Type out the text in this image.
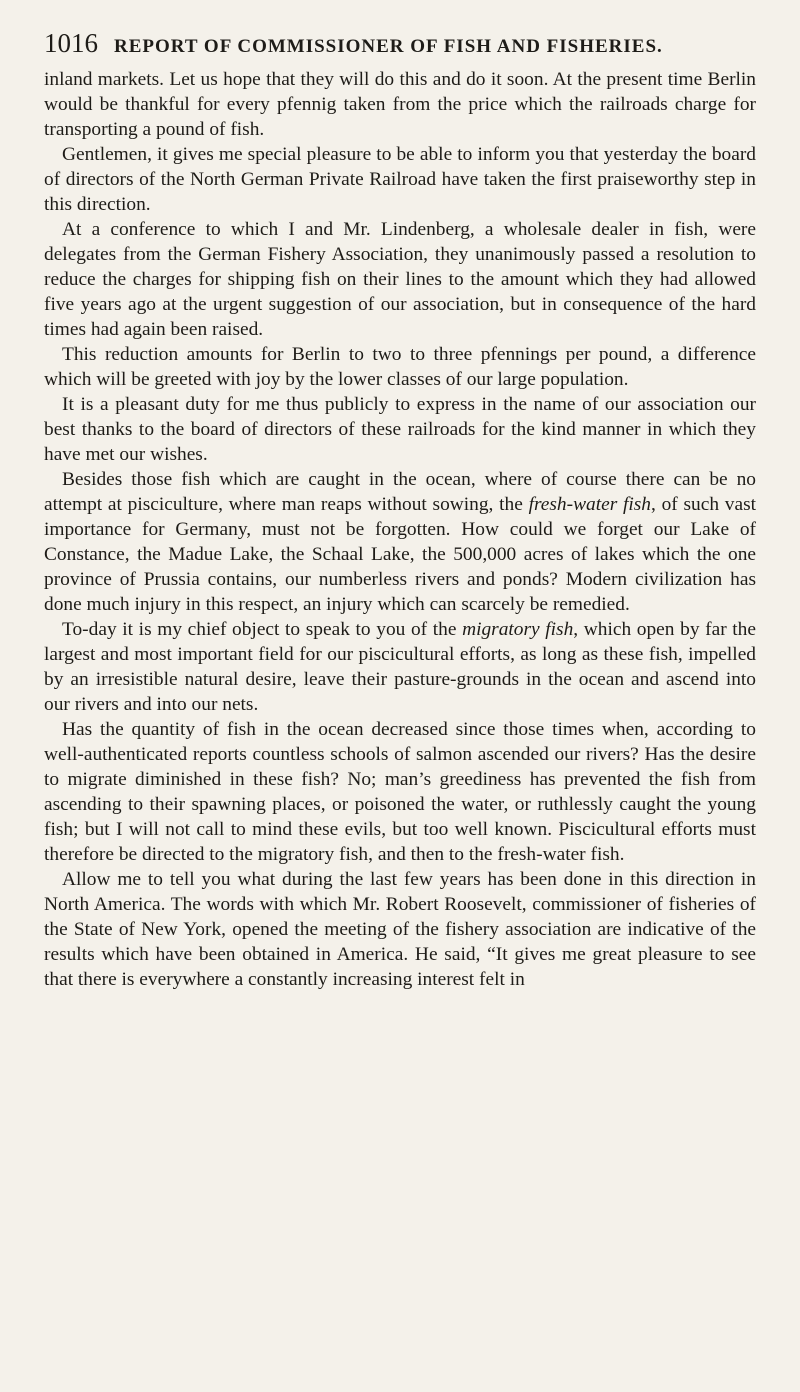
1016 REPORT OF COMMISSIONER OF FISH AND FISHERIES.

inland markets. Let us hope that they will do this and do it soon. At the present time Berlin would be thankful for every pfennig taken from the price which the railroads charge for transporting a pound of fish.

Gentlemen, it gives me special pleasure to be able to inform you that yesterday the board of directors of the North German Private Railroad have taken the first praiseworthy step in this direction.

At a conference to which I and Mr. Lindenberg, a wholesale dealer in fish, were delegates from the German Fishery Association, they unanimously passed a resolution to reduce the charges for shipping fish on their lines to the amount which they had allowed five years ago at the urgent suggestion of our association, but in consequence of the hard times had again been raised.

This reduction amounts for Berlin to two to three pfennings per pound, a difference which will be greeted with joy by the lower classes of our large population.

It is a pleasant duty for me thus publicly to express in the name of our association our best thanks to the board of directors of these railroads for the kind manner in which they have met our wishes.

Besides those fish which are caught in the ocean, where of course there can be no attempt at pisciculture, where man reaps without sowing, the fresh-water fish, of such vast importance for Germany, must not be forgotten. How could we forget our Lake of Constance, the Madue Lake, the Schaal Lake, the 500,000 acres of lakes which the one province of Prussia contains, our numberless rivers and ponds? Modern civilization has done much injury in this respect, an injury which can scarcely be remedied.

To-day it is my chief object to speak to you of the migratory fish, which open by far the largest and most important field for our piscicultural efforts, as long as these fish, impelled by an irresistible natural desire, leave their pasture-grounds in the ocean and ascend into our rivers and into our nets.

Has the quantity of fish in the ocean decreased since those times when, according to well-authenticated reports countless schools of salmon ascended our rivers? Has the desire to migrate diminished in these fish? No; man’s greediness has prevented the fish from ascending to their spawning places, or poisoned the water, or ruthlessly caught the young fish; but I will not call to mind these evils, but too well known. Piscicultural efforts must therefore be directed to the migratory fish, and then to the fresh-water fish.

Allow me to tell you what during the last few years has been done in this direction in North America. The words with which Mr. Robert Roosevelt, commissioner of fisheries of the State of New York, opened the meeting of the fishery association are indicative of the results which have been obtained in America. He said, “It gives me great pleasure to see that there is everywhere a constantly increasing interest felt in
